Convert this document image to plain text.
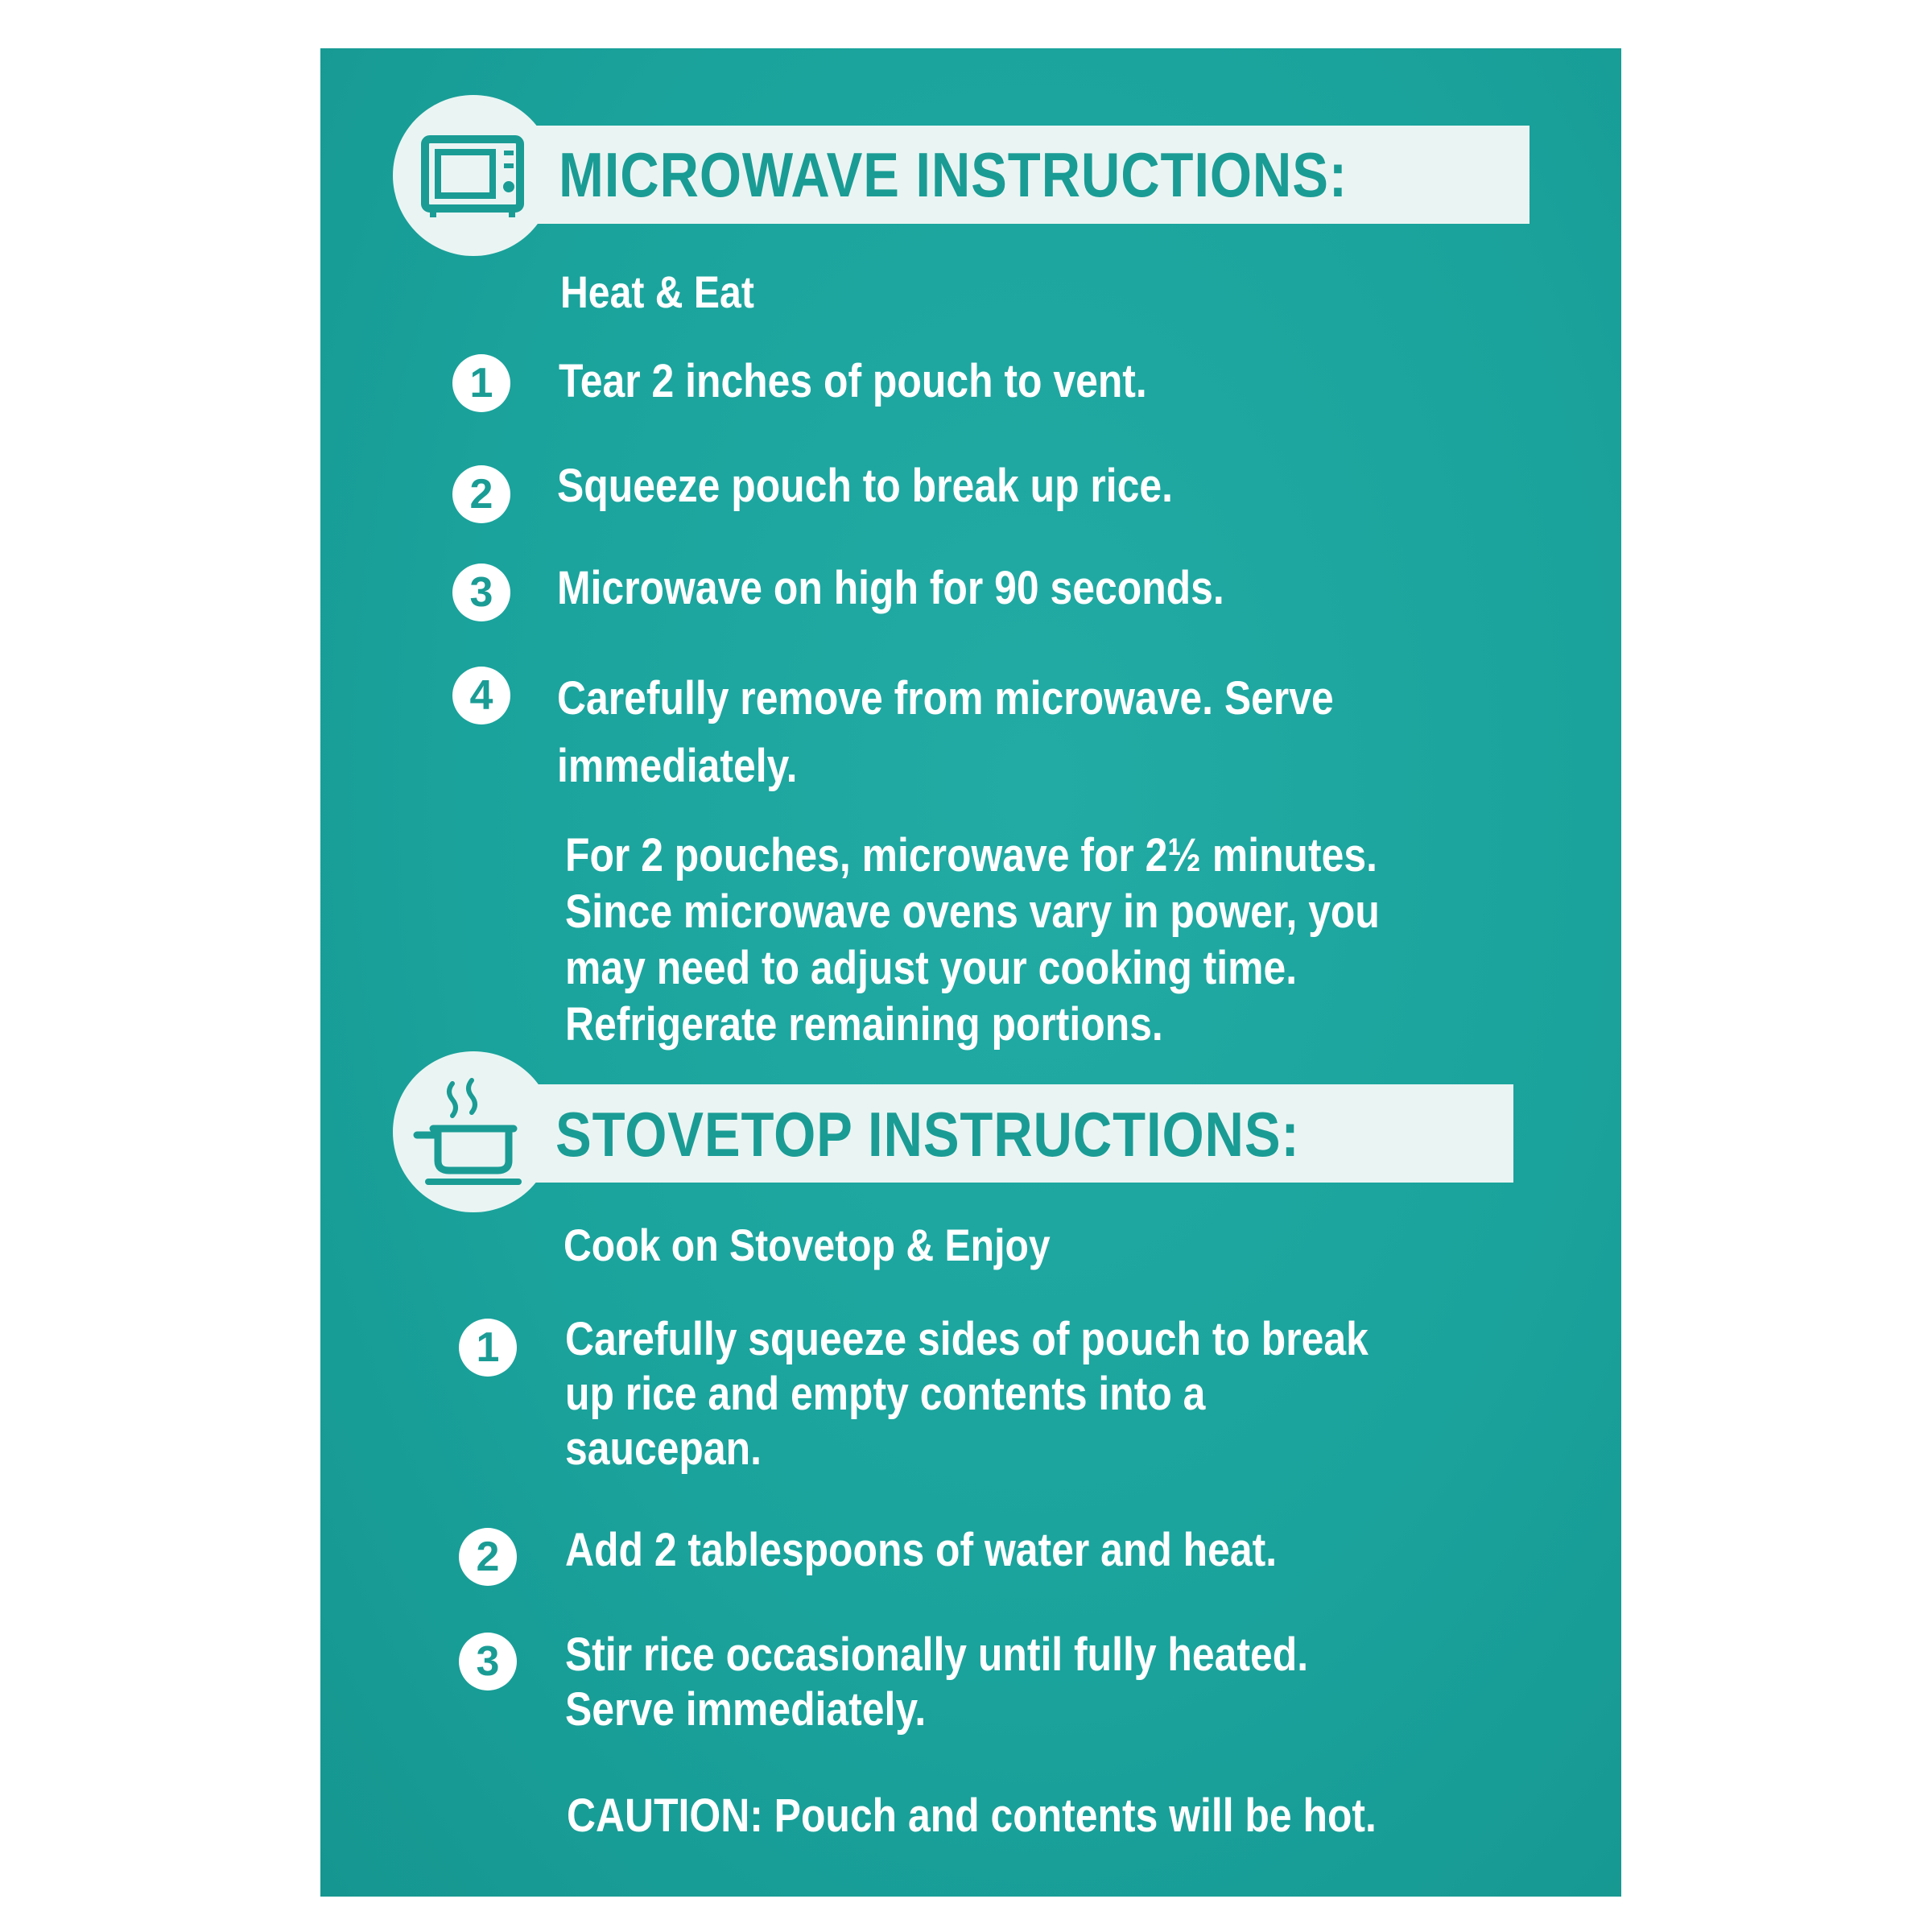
MICROWAVE INSTRUCTIONS:
Heat & Eat
1	Tear 2 inches of pouch to vent.
2	Squeeze pouch to break up rice.
3	Microwave on high for 90 seconds.
4	Carefully remove from microwave. Serve
immediately.
For 2 pouches, microwave for 2½ minutes.
Since microwave ovens vary in power, you
may need to adjust your cooking time.
Refrigerate remaining portions.
STOVETOP INSTRUCTIONS:
Cook on Stovetop & Enjoy
1	Carefully squeeze sides of pouch to break
up rice and empty contents into a
saucepan.
2	Add 2 tablespoons of water and heat.
3	Stir rice occasionally until fully heated.
Serve immediately.
CAUTION: Pouch and contents will be hot.
